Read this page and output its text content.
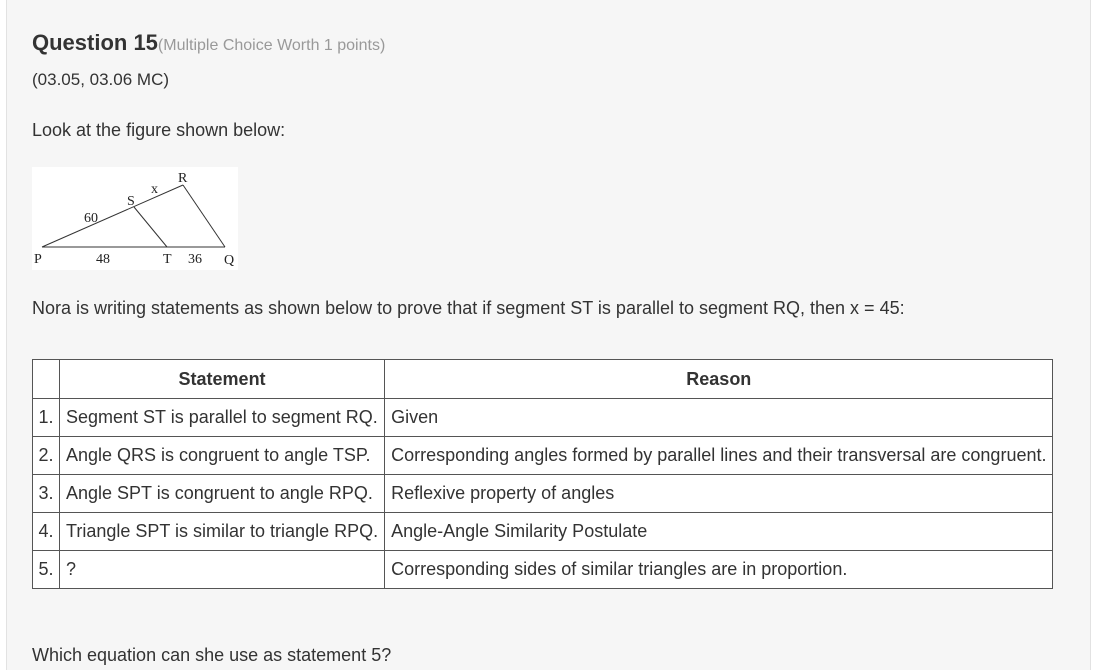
Question 15(Multiple Choice Worth 1 points)
(03.05, 03.06 MC)
Look at the figure shown below:
P	48	T 36 Q
60
S
x
R
Nora is writing statements as shown below to prove that if segment ST is parallel to segment RQ, then x = 45:
	Statement	Reason
1.	Segment ST is parallel to segment RQ.	Given
2.	Angle QRS is congruent to angle TSP.	Corresponding angles formed by parallel lines and their transversal are congruent.
3.	Angle SPT is congruent to angle RPQ.	Reflexive property of angles
4.	Triangle SPT is similar to triangle RPQ.	Angle-Angle Similarity Postulate
5.	?	Corresponding sides of similar triangles are in proportion.
Which equation can she use as statement 5?
